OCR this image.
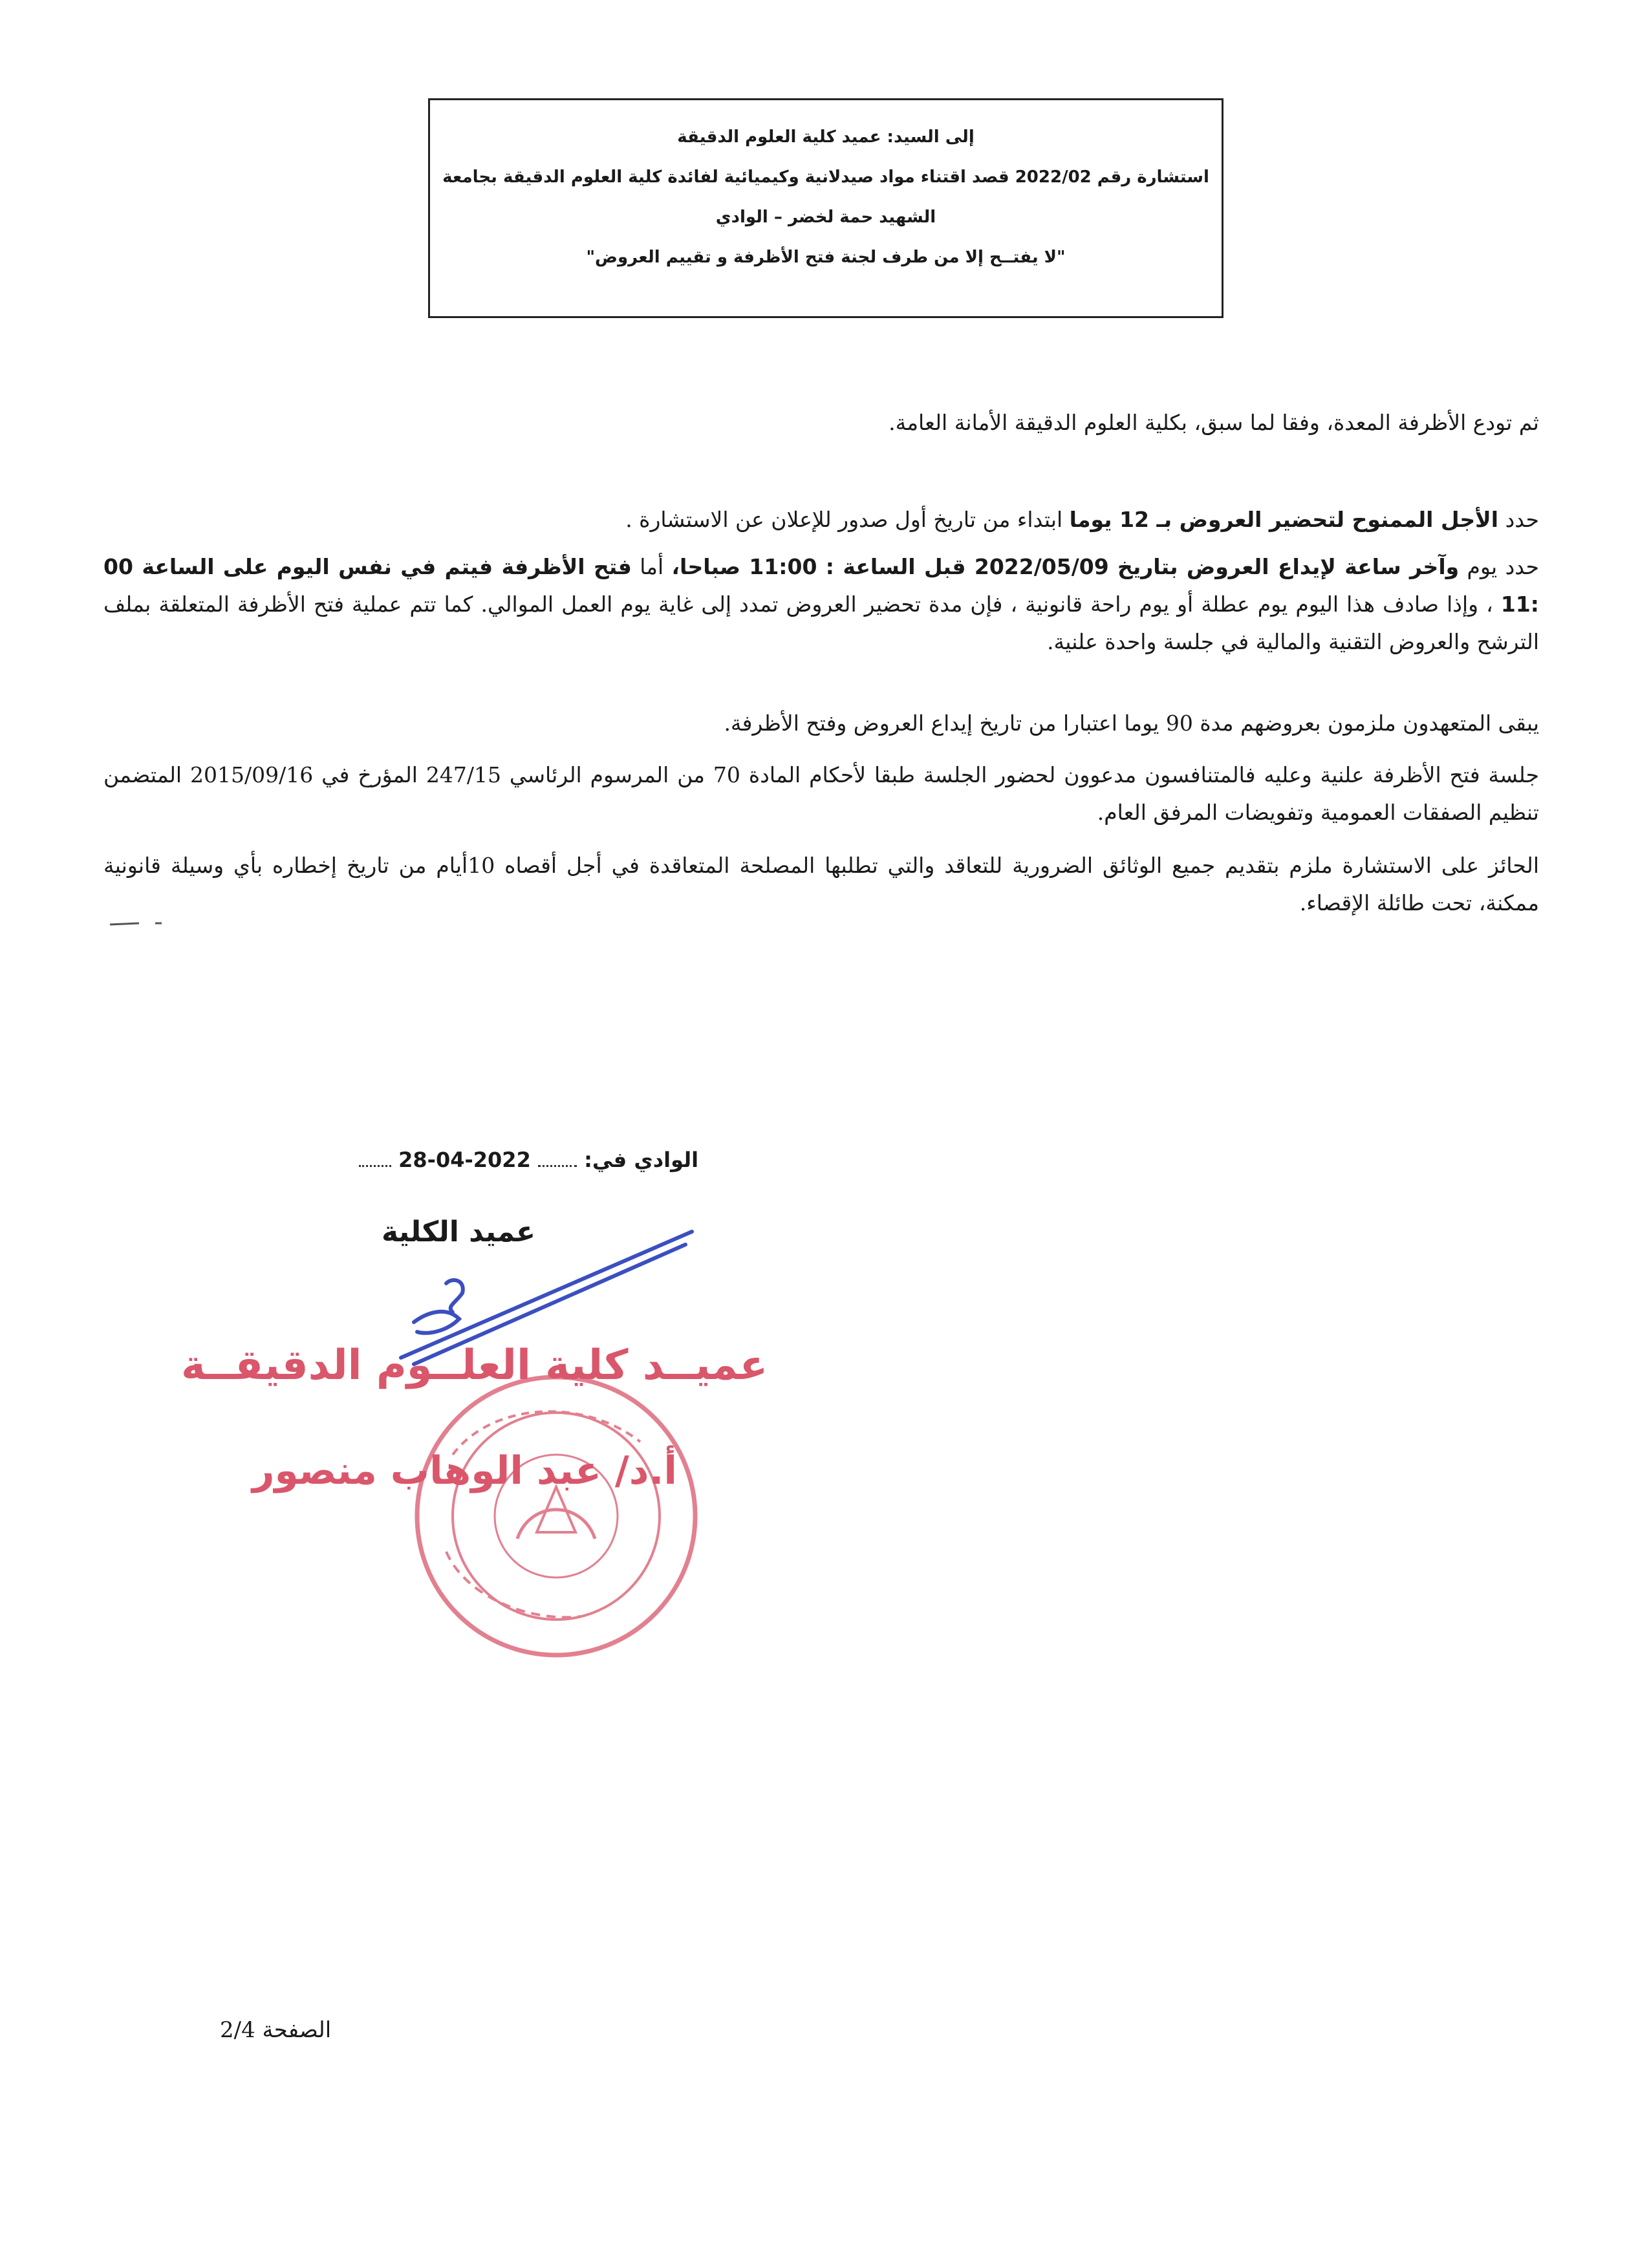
إلى السيد: عميد كلية العلوم الدقيقة
استشارة رقم 2022/02 قصد اقتناء مواد صيدلانية وكيميائية لفائدة كلية العلوم الدقيقة بجامعة
الشهيد حمة لخضر – الوادي
"لا يفتــح إلا من طرف لجنة فتح الأظرفة و تقييم العروض"
ثم تودع الأظرفة المعدة، وفقا لما سبق، بكلية العلوم الدقيقة الأمانة العامة.
حدد الأجل الممنوح لتحضير العروض بـ 12 يوما ابتداء من تاريخ أول صدور للإعلان عن الاستشارة .
حدد يوم وآخر ساعة لإيداع العروض بتاريخ 2022/05/09 قبل الساعة : 11:00 صباحا، أما فتح الأظرفة فيتم في نفس اليوم على الساعة 00 :11 ، وإذا صادف هذا اليوم يوم عطلة أو يوم راحة قانونية ، فإن مدة تحضير العروض تمدد إلى غاية يوم العمل الموالي. كما تتم عملية فتح الأظرفة المتعلقة بملف الترشح والعروض التقنية والمالية في جلسة واحدة علنية.
يبقى المتعهدون ملزمون بعروضهم مدة 90 يوما اعتبارا من تاريخ إيداع العروض وفتح الأظرفة.
جلسة فتح الأظرفة علنية وعليه فالمتنافسون مدعوون لحضور الجلسة طبقا لأحكام المادة 70 من المرسوم الرئاسي 247/15 المؤرخ في 2015/09/16 المتضمن تنظيم الصفقات العمومية وتفويضات المرفق العام.
الحائز على الاستشارة ملزم بتقديم جميع الوثائق الضرورية للتعاقد والتي تطلبها المصلحة المتعاقدة في أجل أقصاه 10أيام من تاريخ إخطاره بأي وسيلة قانونية ممكنة، تحت طائلة الإقصاء.
الوادي في:  2022-04-28
عميد الكلية
عميــد كلية العلــوم الدقيقــة
أ.د/ عبد الوهاب منصور
الصفحة 2/4
